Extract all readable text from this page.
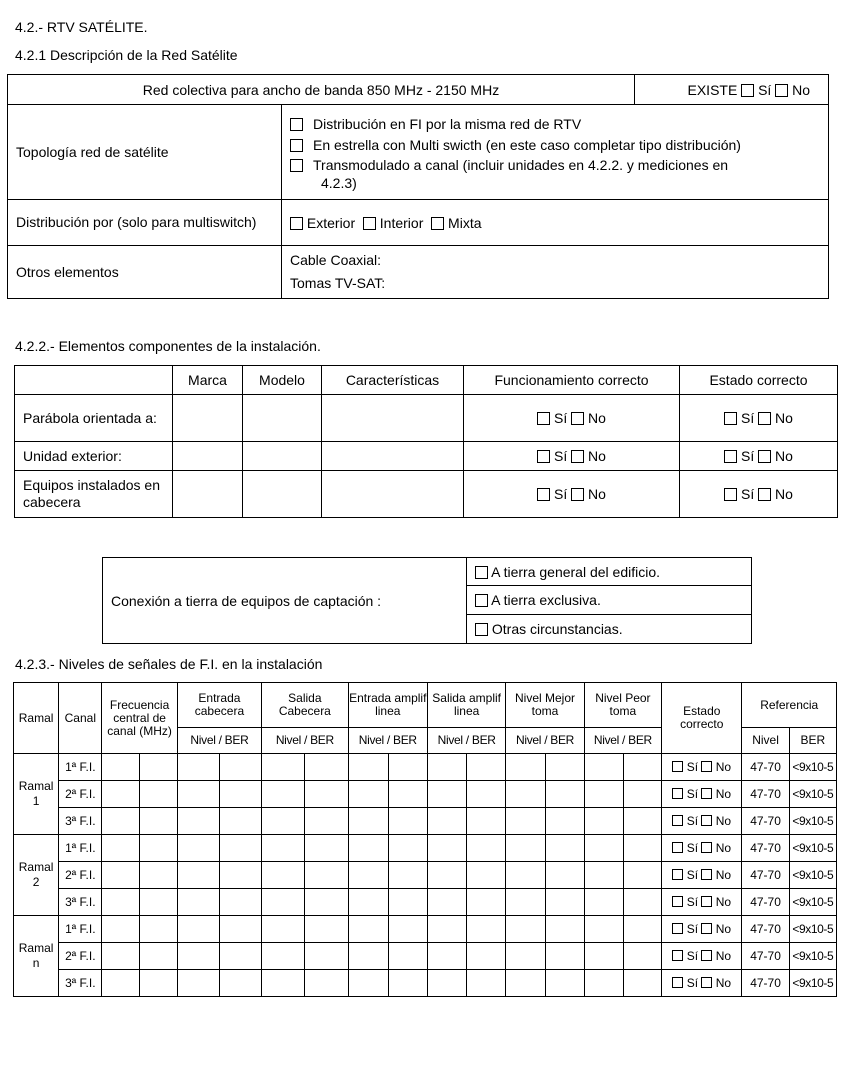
4.2.- RTV SATÉLITE.

4.2.1 Descripción de la Red Satélite

Red colectiva para ancho de banda 850 MHz - 2150 MHz		EXISTE Sí No
Topología red de satélite	Distribución en FI por la misma red de RTV
En estrella con Multi swicth (en este caso completar tipo distribución)
Transmodulado a canal (incluir unidades en 4.2.2. y mediciones en
4.2.3)	

Distribución por (solo para multiswitch)	Exterior Interior Mixta	
Otros elementos	Cable Coaxial:
Tomas TV-SAT:	

4.2.2.- Elementos componentes de la instalación.

	Marca	Modelo	Características	Funcionamiento correcto	Estado correcto
Parábola orientada a:				Sí No	Sí No
Unidad exterior:				Sí No	Sí No
Equipos instalados en cabecera				Sí No	Sí No
Conexión a tierra de equipos de captación :	A tierra general del edificio.
A tierra exclusiva.
Otras circunstancias.

4.2.3.- Niveles de señales de F.I. en la instalación

Ramal	Canal	Frecuencia central de canal (MHz)		Entrada cabecera		Salida Cabecera		Entrada amplif linea		Salida amplif linea		Nivel Mejor toma		Nivel Peor toma		Estado correcto	Referencia	
				Nivel / BER		Nivel / BER		Nivel / BER		Nivel / BER		Nivel / BER		Nivel / BER			Nivel	BER
Ramal 1	1ª F.I.															Sí No	47-70	<9x10-5
	2ª F.I.															Sí No	47-70	<9x10-5
	3ª F.I.															Sí No	47-70	<9x10-5
Ramal 2	1ª F.I.															Sí No	47-70	<9x10-5
	2ª F.I.															Sí No	47-70	<9x10-5
	3ª F.I.															Sí No	47-70	<9x10-5
Ramal n	1ª F.I.															Sí No	47-70	<9x10-5
	2ª F.I.															Sí No	47-70	<9x10-5
	3ª F.I.															Sí No	47-70	<9x10-5
